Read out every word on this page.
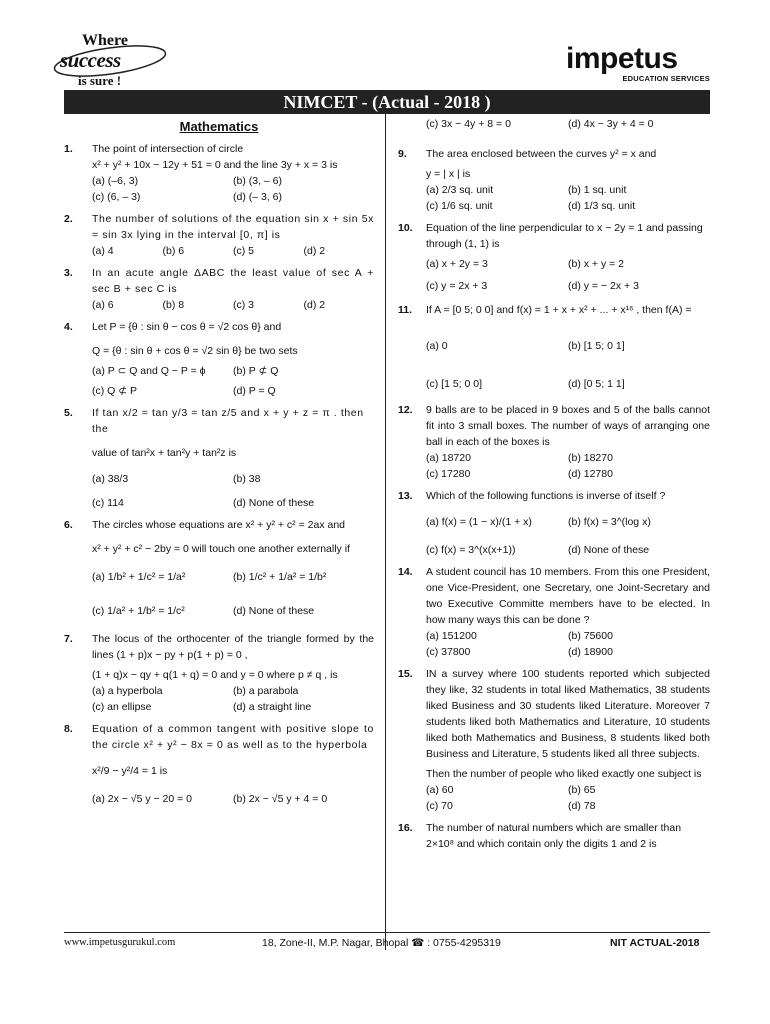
Where
success
is sure !
impetus
EDUCATION SERVICES
NIMCET - (Actual - 2018 )
Mathematics
1. The point of intersection of circle
x² + y² + 10x − 12y + 51 = 0 and the line 3y + x = 3 is
(a) (–6, 3)	(b) (3, – 6)
(c) (6, – 3)	(d) (– 3, 6)
2. The number of solutions of the equation sin x + sin 5x = sin 3x lying in the interval [0, π] is
(a) 4	(b) 6	(c) 5	(d) 2
3. In an acute angle ΔABC the least value of sec A + sec B + sec C is
(a) 6	(b) 8	(c) 3	(d) 2
4. Let P = {θ : sin θ − cos θ = √2 cos θ} and
Q = {θ : sin θ + cos θ = √2 sin θ} be two sets
(a) P ⊂ Q and Q − P = ϕ	(b) P ⊄ Q
(c) Q ⊄ P	(d) P = Q
5. If tan x/2 = tan y/3 = tan z/5 and x + y + z = π . then the
value of tan²x + tan²y + tan²z is
(a) 38/3	(b) 38
(c) 114	(d) None of these
6. The circles whose equations are x² + y² + c² = 2ax and
x² + y² + c² − 2by = 0 will touch one another externally if
(a) 1/b² + 1/c² = 1/a²	(b) 1/c² + 1/a² = 1/b²
(c) 1/a² + 1/b² = 1/c²	(d) None of these
7. The locus of the orthocenter of the triangle formed by the lines (1 + p)x − py + p(1 + p) = 0 ,
(1 + q)x − qy + q(1 + q) = 0 and y = 0 where p ≠ q , is
(a) a hyperbola	(b) a parabola
(c) an ellipse	(d) a straight line
8. Equation of a common tangent with positive slope to the circle x² + y² − 8x = 0 as well as to the hyperbola
x²/9 − y²/4 = 1 is
(a) 2x − √5 y − 20 = 0	(b) 2x − √5 y + 4 = 0
(c) 3x − 4y + 8 = 0	(d) 4x − 3y + 4 = 0
9. The area enclosed between the curves y² = x and
y = | x | is
(a) 2/3 sq. unit	(b) 1 sq. unit
(c) 1/6 sq. unit	(d) 1/3 sq. unit
10. Equation of the line perpendicular to x − 2y = 1 and passing through (1, 1) is
(a) x + 2y = 3	(b) x + y = 2
(c) y = 2x + 3	(d) y = − 2x + 3
11. If A = [0 5; 0 0] and f(x) = 1 + x + x² + ... + x¹⁶ , then f(A) =
(a) 0	(b) [1 5; 0 1]
(c) [1 5; 0 0]	(d) [0 5; 1 1]
12. 9 balls are to be placed in 9 boxes and 5 of the balls cannot fit into 3 small boxes. The number of ways of arranging one ball in each of the boxes is
(a) 18720	(b) 18270
(c) 17280	(d) 12780
13. Which of the following functions is inverse of itself ?
(a) f(x) = (1 − x)/(1 + x)	(b) f(x) = 3^(log x)
(c) f(x) = 3^(x(x+1))	(d) None of these
14. A student council has 10 members. From this one President, one Vice-President, one Secretary, one Joint-Secretary and two Executive Committe members have to be elected. In how many ways this can be done ?
(a) 151200	(b) 75600
(c) 37800	(d) 18900
15. IN a survey where 100 students reported which subjected they like, 32 students in total liked Mathematics, 38 students liked Business and 30 students liked Literature. Moreover 7 students liked both Mathematics and Literature, 10 students liked both Mathematics and Business, 8 students liked both Business and Literature, 5 students liked all three subjects.
Then the number of people who liked exactly one subject is
(a) 60	(b) 65
(c) 70	(d) 78
16. The number of natural numbers which are smaller than 2×10⁸ and which contain only the digits 1 and 2 is
www.impetusgurukul.com	18, Zone-II, M.P. Nagar, Bhopal ☎ : 0755-4295319	NIT ACTUAL-2018
